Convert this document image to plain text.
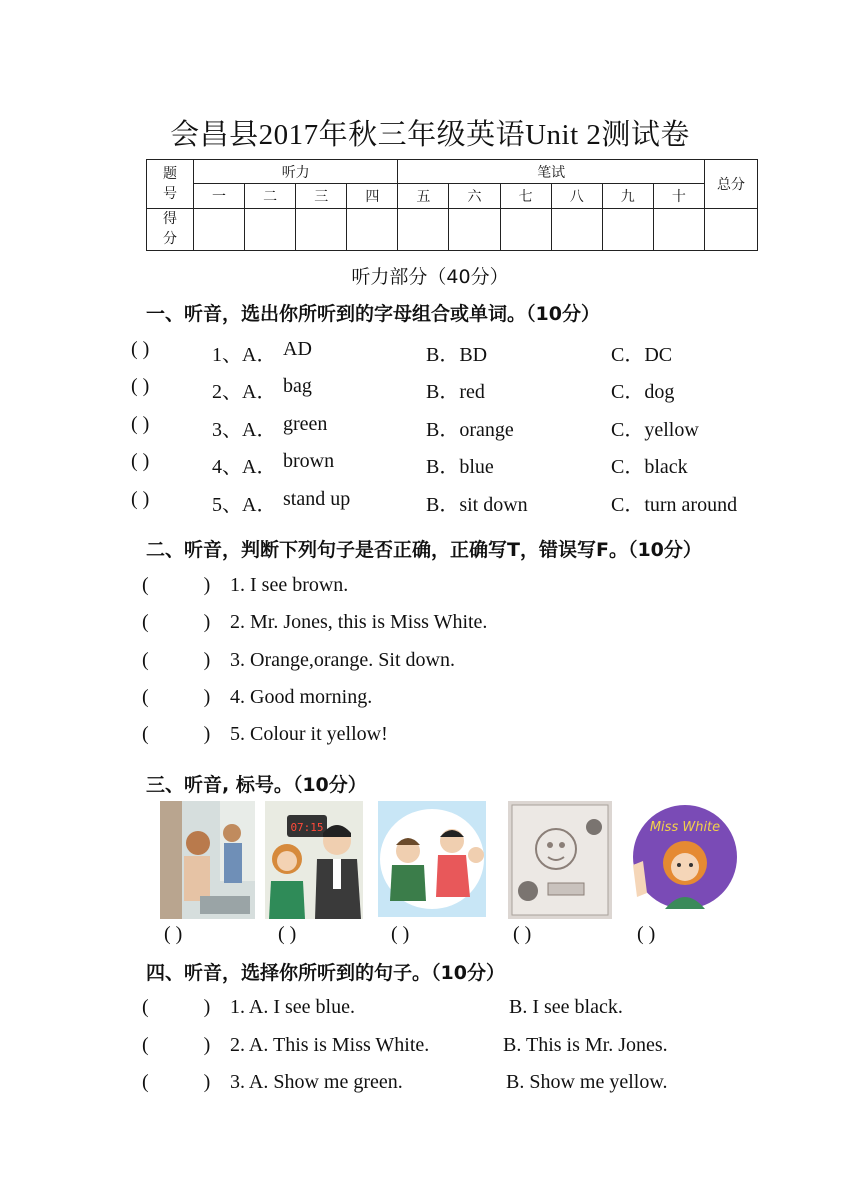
会昌县2017年秋三年级英语Unit 2测试卷
题号	听力				笔试						总分
	一	二	三	四	五	六	七	八	九	十	

得分											

听力部分（40分）
一、听音，选出你所听到的字母组合或单词。（10分）
( )	1、A． AD	B．BD	C．DC
( )	2、A． bag	B．red	C．dog
( )	3、A． green	B．orange	C．yellow
( )	4、A． brown	B．blue	C．black
( )	5、A． stand up	B．sit down	C．turn around
二、听音，判断下列句子是否正确，正确写T，错误写F。（10分）
(           ) 1. I see brown.
(           ) 2. Mr. Jones, this is Miss White.
(           ) 3. Orange,orange. Sit down.
(           ) 4. Good morning.
(           ) 5. Colour it yellow!
三、听音, 标号。（10分）
07:15	Miss White
( )	( )	( )	( )	( )
四、听音，选择你所听到的句子。（10分）
(           ) 1. A. I see blue.	B. I see black.
(           ) 2. A. This is Miss White.	B. This is Mr. Jones.
(           ) 3. A. Show me green.	B. Show me yellow.
